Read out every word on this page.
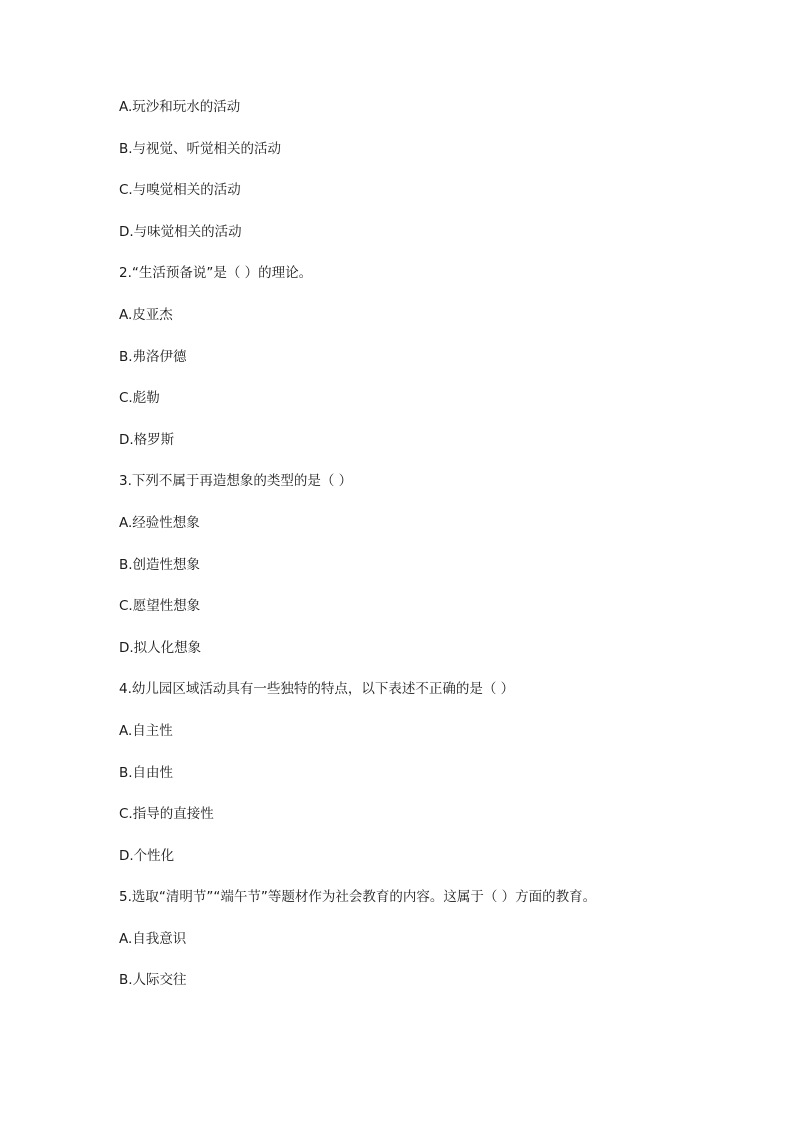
A.玩沙和玩水的活动
B.与视觉、听觉相关的活动
C.与嗅觉相关的活动
D.与味觉相关的活动
2.“生活预备说”是（ ）的理论。
A.皮亚杰
B.弗洛伊德
C.彪勒
D.格罗斯
3.下列不属于再造想象的类型的是（ ）
A.经验性想象
B.创造性想象
C.愿望性想象
D.拟人化想象
4.幼儿园区域活动具有一些独特的特点，以下表述不正确的是（ ）
A.自主性
B.自由性
C.指导的直接性
D.个性化
5.选取“清明节”“端午节”等题材作为社会教育的内容。这属于（ ）方面的教育。
A.自我意识
B.人际交往
